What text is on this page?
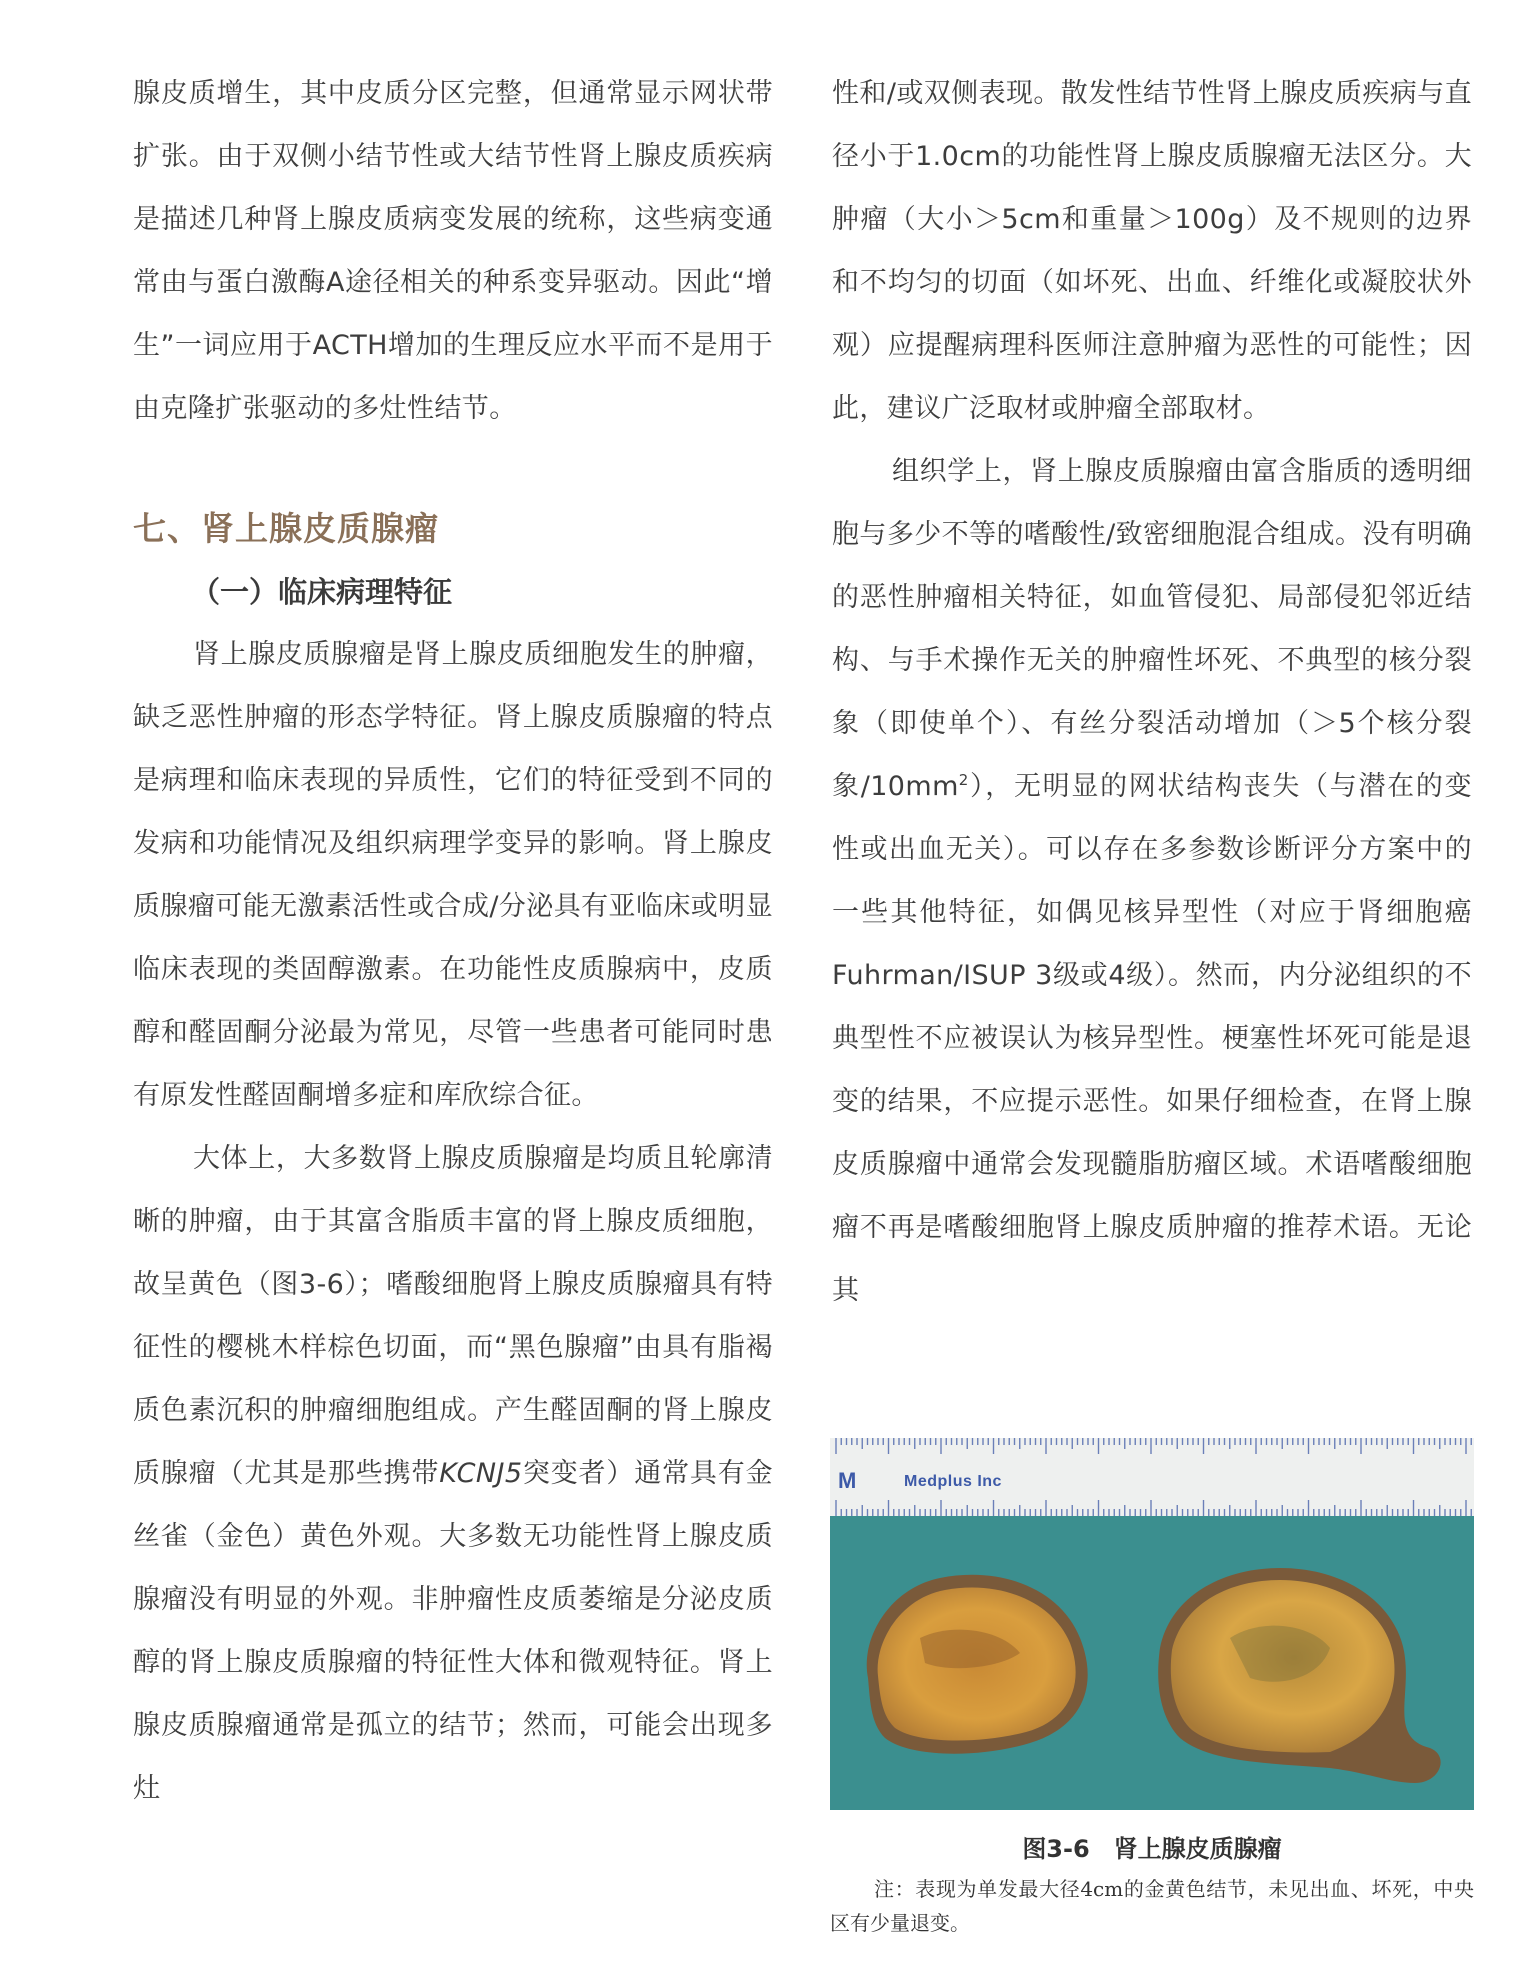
腺皮质增生，其中皮质分区完整，但通常显示网状带扩张。由于双侧小结节性或大结节性肾上腺皮质疾病是描述几种肾上腺皮质病变发展的统称，这些病变通常由与蛋白激酶A途径相关的种系变异驱动。因此“增生”一词应用于ACTH增加的生理反应水平而不是用于由克隆扩张驱动的多灶性结节。

七、肾上腺皮质腺瘤
（一）临床病理特征

肾上腺皮质腺瘤是肾上腺皮质细胞发生的肿瘤，缺乏恶性肿瘤的形态学特征。肾上腺皮质腺瘤的特点是病理和临床表现的异质性，它们的特征受到不同的发病和功能情况及组织病理学变异的影响。肾上腺皮质腺瘤可能无激素活性或合成/分泌具有亚临床或明显临床表现的类固醇激素。在功能性皮质腺病中，皮质醇和醛固酮分泌最为常见，尽管一些患者可能同时患有原发性醛固酮增多症和库欣综合征。

大体上，大多数肾上腺皮质腺瘤是均质且轮廓清晰的肿瘤，由于其富含脂质丰富的肾上腺皮质细胞，故呈黄色（图3-6）；嗜酸细胞肾上腺皮质腺瘤具有特征性的樱桃木样棕色切面，而“黑色腺瘤”由具有脂褐质色素沉积的肿瘤细胞组成。产生醛固酮的肾上腺皮质腺瘤（尤其是那些携带KCNJ5突变者）通常具有金丝雀（金色）黄色外观。大多数无功能性肾上腺皮质腺瘤没有明显的外观。非肿瘤性皮质萎缩是分泌皮质醇的肾上腺皮质腺瘤的特征性大体和微观特征。肾上腺皮质腺瘤通常是孤立的结节；然而，可能会出现多灶

性和/或双侧表现。散发性结节性肾上腺皮质疾病与直径小于1.0cm的功能性肾上腺皮质腺瘤无法区分。大肿瘤（大小＞5cm和重量＞100g）及不规则的边界和不均匀的切面（如坏死、出血、纤维化或凝胶状外观）应提醒病理科医师注意肿瘤为恶性的可能性；因此，建议广泛取材或肿瘤全部取材。

组织学上，肾上腺皮质腺瘤由富含脂质的透明细胞与多少不等的嗜酸性/致密细胞混合组成。没有明确的恶性肿瘤相关特征，如血管侵犯、局部侵犯邻近结构、与手术操作无关的肿瘤性坏死、不典型的核分裂象（即使单个）、有丝分裂活动增加（＞5个核分裂象$/10mm^2$），无明显的网状结构丧失（与潜在的变性或出血无关）。可以存在多参数诊断评分方案中的一些其他特征，如偶见核异型性（对应于肾细胞癌Fuhrman/ISUP 3级或4级）。然而，内分泌组织的不典型性不应被误认为核异型性。梗塞性坏死可能是退变的结果，不应提示恶性。如果仔细检查，在肾上腺皮质腺瘤中通常会发现髓脂肪瘤区域。术语嗜酸细胞瘤不再是嗜酸细胞肾上腺皮质肿瘤的推荐术语。无论其

M	Medplus Inc

图3-6　肾上腺皮质腺瘤

注：表现为单发最大径4cm的金黄色结节，未见出血、坏死，中央区有少量退变。
